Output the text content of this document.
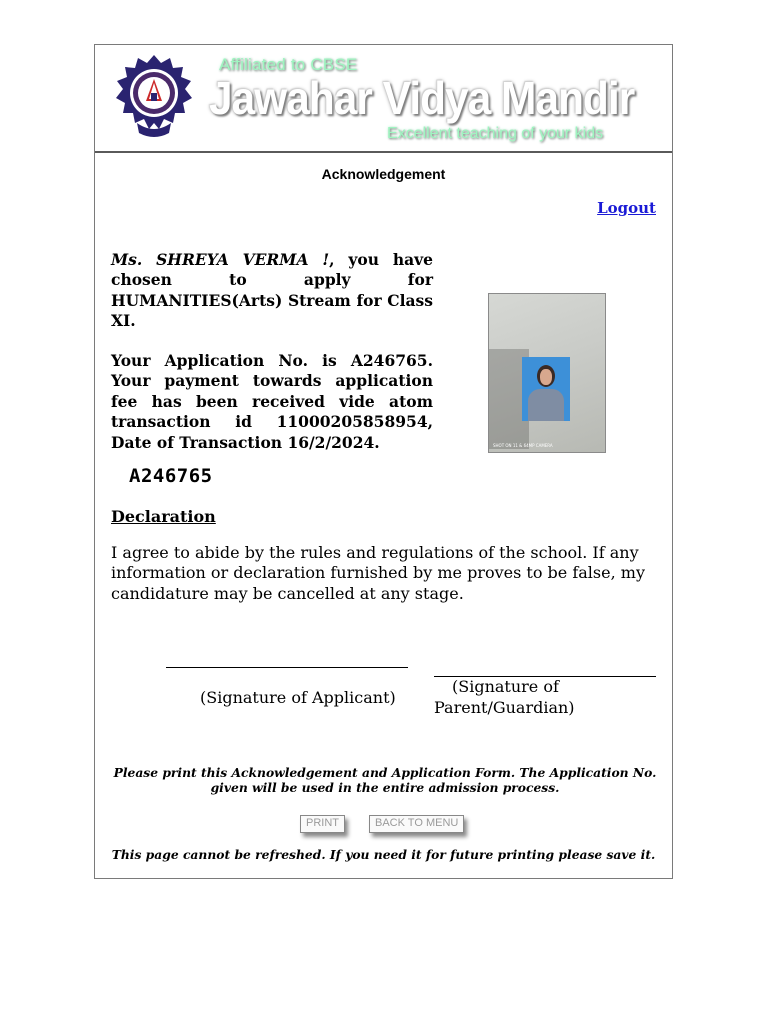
Affiliated to CBSE
Jawahar Vidya Mandir
Excellent teaching of your kids
Acknowledgement
Logout
Ms. SHREYA VERMA !, you have chosen to apply for HUMANITIES(Arts) Stream for Class XI.
Your Application No. is A246765. Your payment towards application fee has been received vide atom transaction id 11000205858954, Date of Transaction 16/2/2024.	SHOT ON 11 & 64MP CAMERA
A246765
Declaration
I agree to abide by the rules and regulations of the school. If any information or declaration furnished by me proves to be false, my candidature may be cancelled at any stage.
(Signature of Applicant)
(Signature of
Parent/Guardian)
Please print this Acknowledgement and Application Form. The Application No. given will be used in the entire admission process.
PRINT	BACK TO MENU
This page cannot be refreshed. If you need it for future printing please save it.
